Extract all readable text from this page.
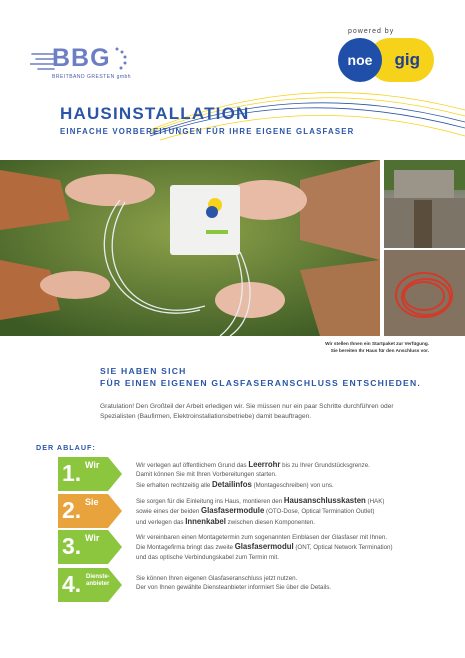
BBG
BREITBAND GRESTEN gmbh
powered by
gig
noe
HAUSINSTALLATION
EINFACHE VORBEREITUNGEN FÜR IHRE EIGENE GLASFASER
Wir stellen Ihnen ein Startpaket zur Verfügung.
Sie bereiten Ihr Haus für den Anschluss vor.
SIE HABEN SICH
FÜR EINEN EIGENEN GLASFASERANSCHLUSS ENTSCHIEDEN.
Gratulation! Den Großteil der Arbeit erledigen wir. Sie müssen nur ein paar Schritte durchführen oder
Spezialisten (Baufirmen, Elektroinstallationsbetriebe) damit beauftragen.
DER ABLAUF:
1. Wir	Wir verlegen auf öffentlichem Grund das Leerrohr bis zu Ihrer Grundstücksgrenze.
Damit können Sie mit Ihren Vorbereitungen starten.
Sie erhalten rechtzeitig alle Detailinfos (Montageschreiben) von uns.
2. Sie	Sie sorgen für die Einleitung ins Haus, montieren den Hausanschlusskasten (HAK)
sowie eines der beiden Glasfasermodule (OTO-Dose, Optical Termination Outlet)
und verlegen das Innenkabel zwischen diesen Komponenten.
3. Wir	Wir vereinbaren einen Montagetermin zum sogenannten Einblasen der Glasfaser mit Ihnen.
Die Montagefirma bringt das zweite Glasfasermodul (ONT, Optical Network Termination)
und das optische Verbindungskabel zum Termin mit.
4. Dienste-
anbieter
Sie können Ihren eigenen Glasfaseranschluss jetzt nutzen.
Der von Ihnen gewählte Diensteanbieter informiert Sie über die Details.
